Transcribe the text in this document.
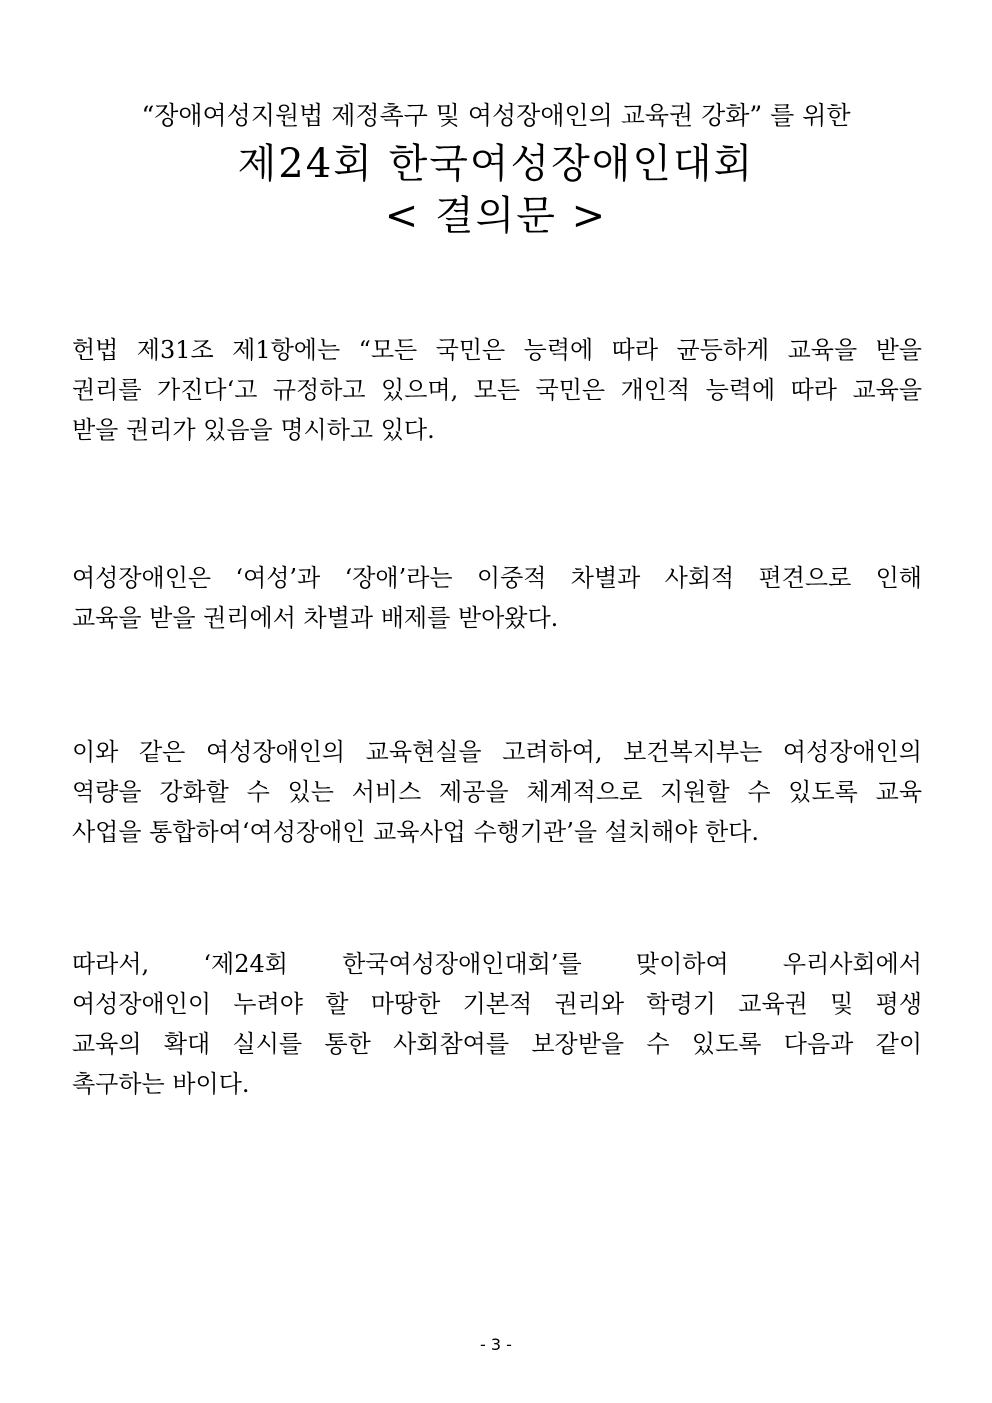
“장애여성지원법 제정촉구 및 여성장애인의 교육권 강화” 를 위한
제24회 한국여성장애인대회
< 결의문 >
헌법 제31조 제1항에는 “모든 국민은 능력에 따라 균등하게 교육을 받을
권리를 가진다‘고 규정하고 있으며, 모든 국민은 개인적 능력에 따라 교육을
받을 권리가 있음을 명시하고 있다.
여성장애인은 ‘여성’과 ‘장애’라는 이중적 차별과 사회적 편견으로 인해
교육을 받을 권리에서 차별과 배제를 받아왔다.
이와 같은 여성장애인의 교육현실을 고려하여, 보건복지부는 여성장애인의
역량을 강화할 수 있는 서비스 제공을 체계적으로 지원할 수 있도록 교육
사업을 통합하여‘여성장애인 교육사업 수행기관’을 설치해야 한다.
따라서, ‘제24회 한국여성장애인대회’를 맞이하여 우리사회에서
여성장애인이 누려야 할 마땅한 기본적 권리와 학령기 교육권 및 평생
교육의 확대 실시를 통한 사회참여를 보장받을 수 있도록 다음과 같이
촉구하는 바이다.
- 3 -
